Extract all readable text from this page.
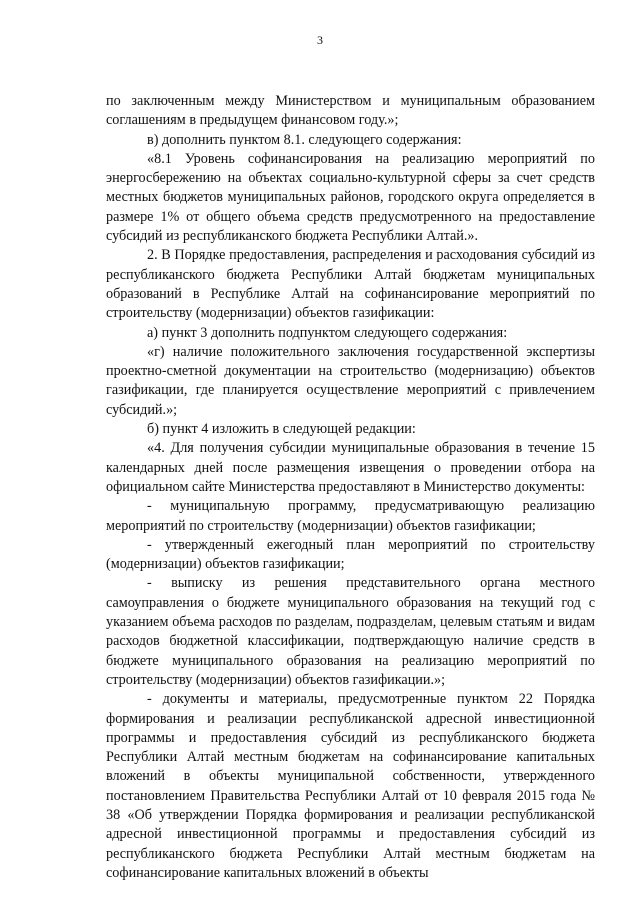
3

по заключенным между Министерством и муниципальным образованием соглашениям в предыдущем финансовом году.»;

в) дополнить пунктом 8.1. следующего содержания:

«8.1 Уровень софинансирования на реализацию мероприятий по энергосбережению на объектах социально-культурной сферы за счет средств местных бюджетов муниципальных районов, городского округа определяется в размере 1% от общего объема средств предусмотренного на предоставление субсидий из республиканского бюджета Республики Алтай.».

2. В Порядке предоставления, распределения и расходования субсидий из республиканского бюджета Республики Алтай бюджетам муниципальных образований в Республике Алтай на софинансирование мероприятий по строительству (модернизации) объектов газификации:

а) пункт 3 дополнить подпунктом следующего содержания:

«г) наличие положительного заключения государственной экспертизы проектно-сметной документации на строительство (модернизацию) объектов газификации, где планируется осуществление мероприятий с привлечением субсидий.»;

б) пункт 4 изложить в следующей редакции:

«4. Для получения субсидии муниципальные образования в течение 15 календарных дней после размещения извещения о проведении отбора на официальном сайте Министерства предоставляют в Министерство документы:

- муниципальную программу, предусматривающую реализацию мероприятий по строительству (модернизации) объектов газификации;

- утвержденный ежегодный план мероприятий по строительству (модернизации) объектов газификации;

- выписку из решения представительного органа местного самоуправления о бюджете муниципального образования на текущий год с указанием объема расходов по разделам, подразделам, целевым статьям и видам расходов бюджетной классификации, подтверждающую наличие средств в бюджете муниципального образования на реализацию мероприятий по строительству (модернизации) объектов газификации.»;

- документы и материалы, предусмотренные пунктом 22 Порядка формирования и реализации республиканской адресной инвестиционной программы и предоставления субсидий из республиканского бюджета Республики Алтай местным бюджетам на софинансирование капитальных вложений в объекты муниципальной собственности, утвержденного постановлением Правительства Республики Алтай от 10 февраля 2015 года № 38 «Об утверждении Порядка формирования и реализации республиканской адресной инвестиционной программы и предоставления субсидий из республиканского бюджета Республики Алтай местным бюджетам на софинансирование капитальных вложений в объекты
